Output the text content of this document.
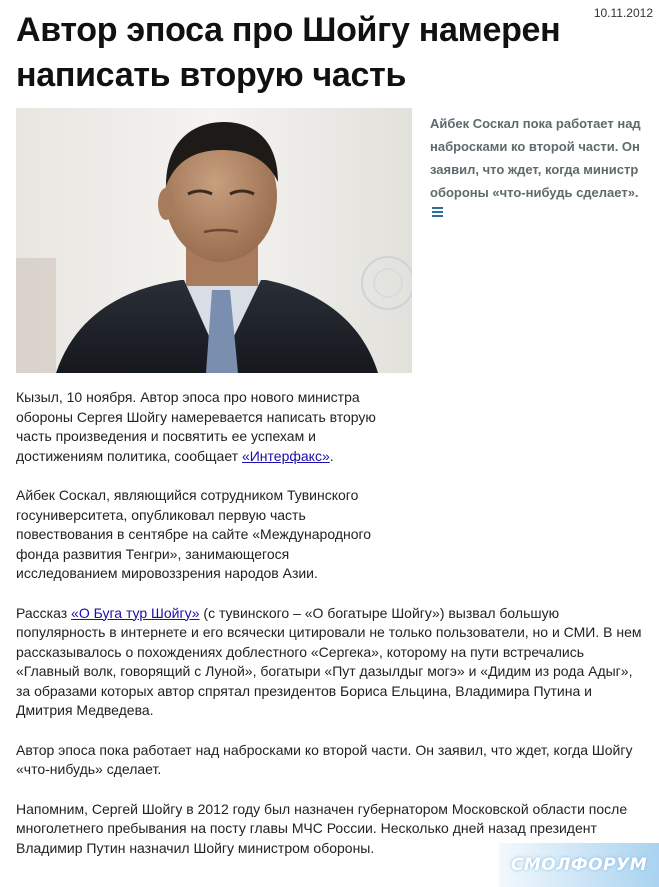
10.11.2012
Автор эпоса про Шойгу намерен написать вторую часть
Айбек Соскал пока работает над набросками ко второй части. Он заявил, что ждет, когда министр обороны «что-нибудь сделает».

Кызыл, 10 ноября. Автор эпоса про нового министра обороны Сергея Шойгу намеревается написать вторую часть произведения и посвятить ее успехам и достижениям политика, сообщает «Интерфакс».

Айбек Соскал, являющийся сотрудником Тувинского госуниверситета, опубликовал первую часть повествования в сентябре на сайте «Международного фонда развития Тенгри», занимающегося исследованием мировоззрения народов Азии.

Рассказ «О Буга тур Шойгу» (с тувинского – «О богатыре Шойгу») вызвал большую популярность в интернете и его всячески цитировали не только пользователи, но и СМИ. В нем рассказывалось о похождениях доблестного «Сергека», которому на пути встречались «Главный волк, говорящий с Луной», богатыри «Пут дазылдыг могэ» и «Дидим из рода Адыг», за образами которых автор спрятал президентов Бориса Ельцина, Владимира Путина и Дмитрия Медведева.

Автор эпоса пока работает над набросками ко второй части. Он заявил, что ждет, когда Шойгу «что-нибудь» сделает.

Напомним, Сергей Шойгу в 2012 году был назначен губернатором Московской области после многолетнего пребывания на посту главы МЧС России. Несколько дней назад президент Владимир Путин назначил Шойгу министром обороны.

СМОЛФОРУМ
